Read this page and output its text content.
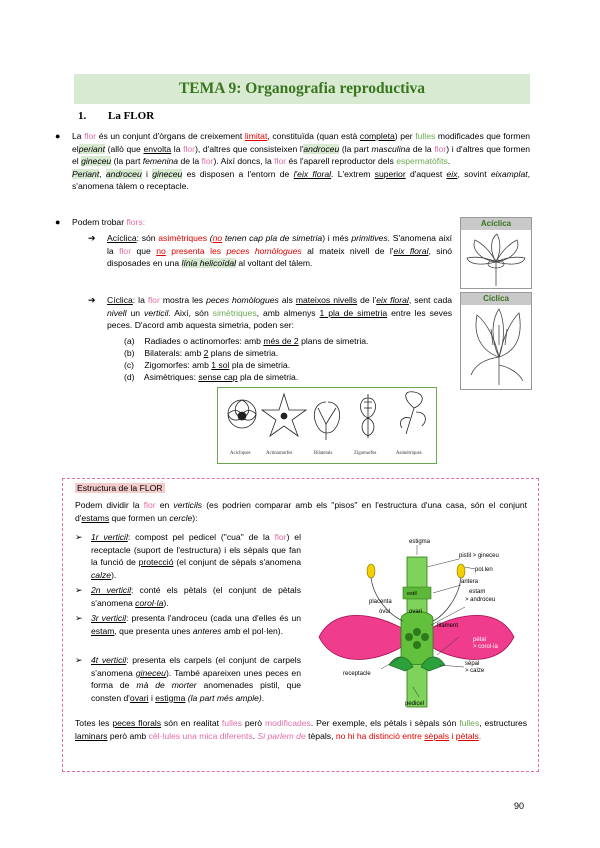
TEMA 9: Organografia reproductiva
1. La FLOR
● La flor és un conjunt d'òrgans de creixement limitat, constituïda (quan està completa) per fulles modificades que formen elperiant (allò que envolta la flor), d'altres que consisteixen l'androceu (la part masculina de la flor) i d'altres que formen el gineceu (la part femenina de la flor). Així doncs, la flor és l'aparell reproductor dels espermatòfits.
Periant, androceu i gineceu es disposen a l'entorn de l'eix floral. L'extrem superior d'aquest eix, sovint eixamplat, s'anomena tàlem o receptacle.
● Podem trobar flors:
➔ Acíclica: són asimètriques (no tenen cap pla de simetria) i més primitives. S'anomena així la flor que no presenta les peces homòlogues al mateix nivell de l'eix floral, sinó disposades en una línia helicoïdal al voltant del tàlem.
➔ Cíclica: la flor mostra les peces homòlogues als mateixos nivells de l'eix floral, sent cada nivell un verticil. Així, són simètriques, amb almenys 1 pla de simetria entre les seves peces. D'acord amb aquesta simetria, poden ser:
(a) Radiades o actinomorfes: amb més de 2 plans de simetria.
(b) Bilaterals: amb 2 plans de simetria.
(c) Zigomorfes: amb 1 sol pla de simetria.
(d) Asimètriques: sense cap pla de simetria.
Acíclica
Cíclica
Acícliques	Actinomorfes	Bilaterals	Zigomorfes	Asimètriques
Estructura de la FLOR
Podem dividir la flor en verticils (es podrien comparar amb els "pisos" en l'estructura d'una casa, són el conjunt d'estams que formen un cercle):
➢ 1r verticil: compost pel pedicel ("cua" de la flor) el receptacle (suport de l'estructura) i els sèpals que fan la funció de protecció (el conjunt de sèpals s'anomena calze).
➢ 2n verticil: conté els pètals (el conjunt de pètals s'anomena corol·la).
➢ 3r verticil: presenta l'androceu (cada una d'elles és un estam, que presenta unes anteres amb el pol·len).
➢ 4t verticil: presenta els carpels (el conjunt de carpels s'anomena gineceu). També apareixen unes peces en forma de mà de morter anomenades pistil, que consten d'ovari i estigma (la part més ample).
estigma
pistil > gineceu
pol.len
antera
estam
> androceu
placenta
estil
òvul	ovari
filament
pètal
> corol·la
sèpal
> calze
receptacle
pedicel
Totes les peces florals són en realitat fulles però modificades. Per exemple, els pètals i sèpals són fulles, estructures laminars però amb cèl·lules una mica diferents. Si parlem de tèpals, no hi ha distinció entre sèpals i pètals.
90
